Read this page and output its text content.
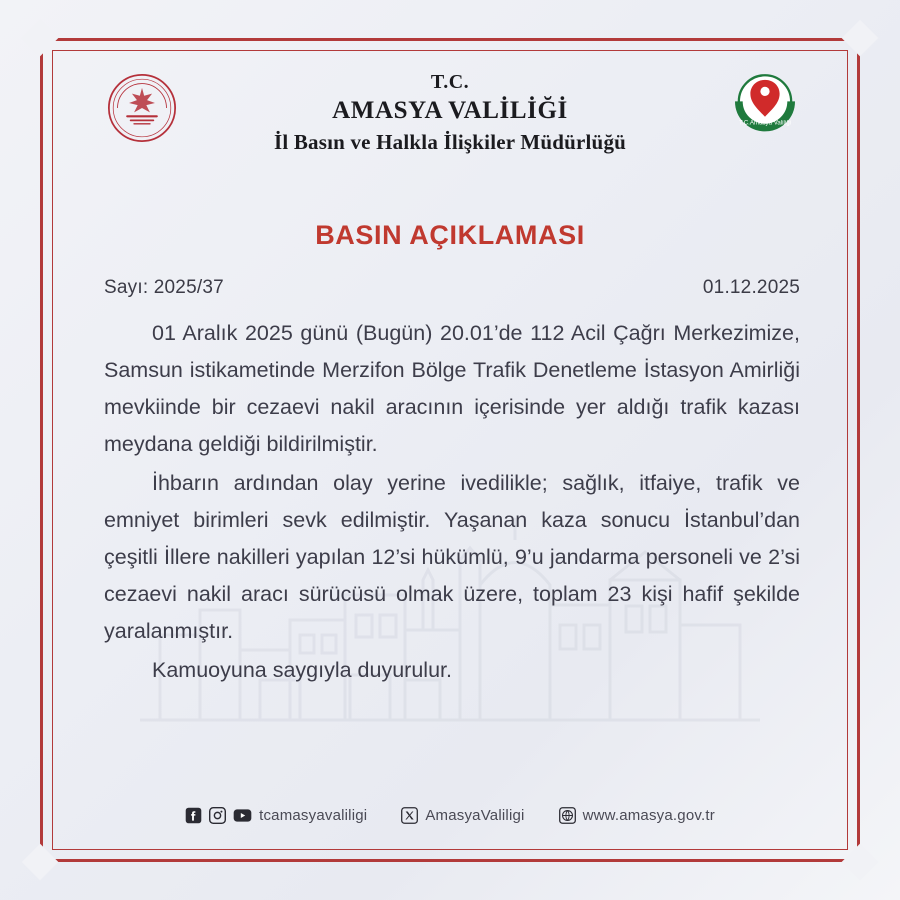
T.C.Amasya Valiliği
T.C.
AMASYA VALİLİĞİ
İl Basın ve Halkla İlişkiler Müdürlüğü
BASIN AÇIKLAMASI
Sayı: 2025/37	01.12.2025

01 Aralık 2025 günü (Bugün) 20.01’de 112 Acil Çağrı Merkezimize, Samsun istikametinde Merzifon Bölge Trafik Denetleme İstasyon Amirliği mevkiinde bir cezaevi nakil aracının içerisinde yer aldığı trafik kazası meydana geldiği bildirilmiştir.

İhbarın ardından olay yerine ivedilikle; sağlık, itfaiye, trafik ve emniyet birimleri sevk edilmiştir. Yaşanan kaza sonucu İstanbul’dan çeşitli İllere nakilleri yapılan 12’si hükümlü, 9’u jandarma personeli ve 2’si cezaevi nakil aracı sürücüsü olmak üzere, toplam 23 kişi hafif şekilde yaralanmıştır.

Kamuoyuna saygıyla duyurulur.

tcamasyavaliligi	AmasyaValiligi	www.amasya.gov.tr
